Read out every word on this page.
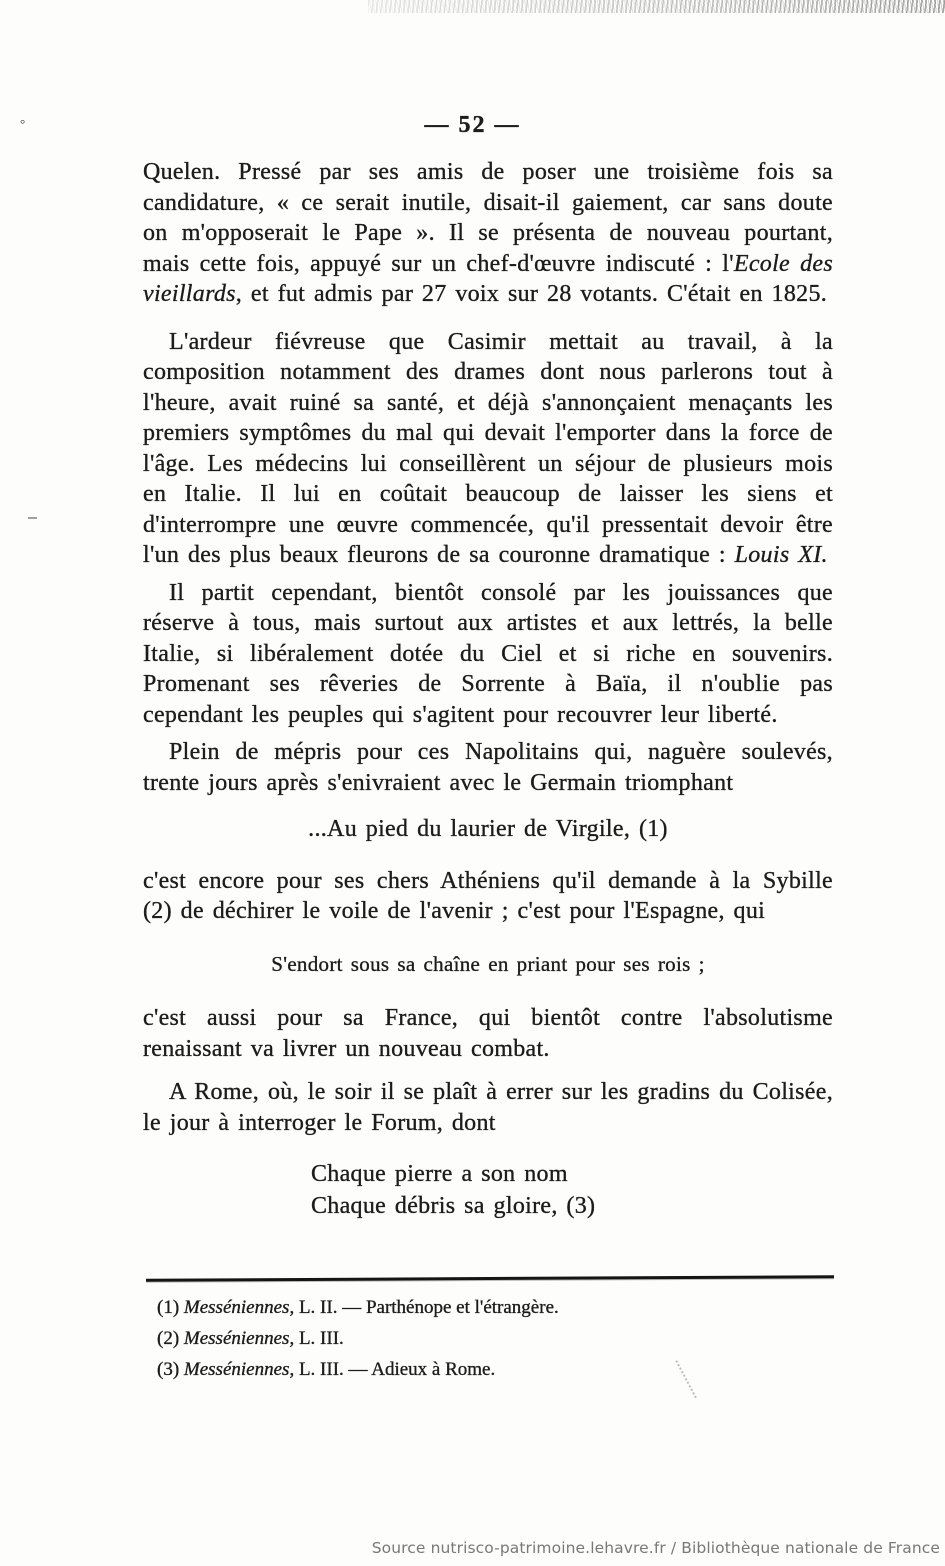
°	— 52 —

Quelen. Pressé par ses amis de poser une troisième fois sa candidature, « ce serait inutile, disait-il gaiement, car sans doute on m'opposerait le Pape ». Il se présenta de nouveau pourtant, mais cette fois, appuyé sur un chef-d'œuvre indiscuté : l'Ecole des vieillards, et fut admis par 27 voix sur 28 votants. C'était en 1825.

L'ardeur fiévreuse que Casimir mettait au travail, à la composition notamment des drames dont nous parlerons tout à l'heure, avait ruiné sa santé, et déjà s'annonçaient menaçants les premiers symptômes du mal qui devait l'emporter dans la force de l'âge. Les médecins lui conseillèrent un séjour de plusieurs mois en Italie. Il lui en coûtait beaucoup de laisser les siens et d'interrompre une œuvre commencée, qu'il pressentait devoir être l'un des plus beaux fleurons de sa couronne dramatique : Louis XI.

Il partit cependant, bientôt consolé par les jouissances que réserve à tous, mais surtout aux artistes et aux lettrés, la belle Italie, si libéralement dotée du Ciel et si riche en souvenirs. Promenant ses rêveries de Sorrente à Baïa, il n'oublie pas cependant les peuples qui s'agitent pour recouvrer leur liberté.

Plein de mépris pour ces Napolitains qui, naguère soulevés, trente jours après s'enivraient avec le Germain triomphant

...Au pied du laurier de Virgile, (1)

c'est encore pour ses chers Athéniens qu'il demande à la Sybille (2) de déchirer le voile de l'avenir ; c'est pour l'Espagne, qui

S'endort sous sa chaîne en priant pour ses rois ;

c'est aussi pour sa France, qui bientôt contre l'absolutisme renaissant va livrer un nouveau combat.

A Rome, où, le soir il se plaît à errer sur les gradins du Colisée, le jour à interroger le Forum, dont

Chaque pierre a son nom
Chaque débris sa gloire, (3)

(1) Messéniennes, L. II. — Parthénope et l'étrangère.

(2) Messéniennes, L. III.

(3) Messéniennes, L. III. — Adieux à Rome.

Source nutrisco-patrimoine.lehavre.fr / Bibliothèque nationale de France
